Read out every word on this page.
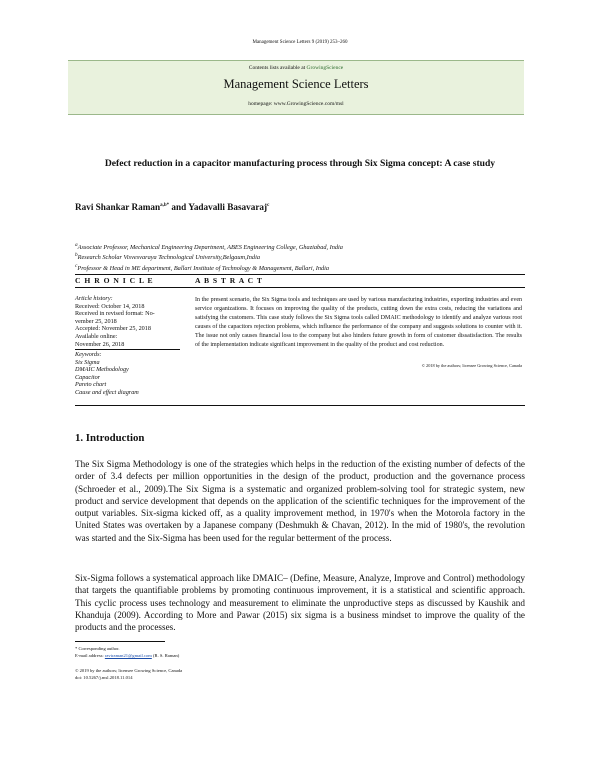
Management Science Letters 9 (2019) 253–260
Contents lists available at GrowingScience
Management Science Letters
homepage: www.GrowingScience.com/msl
Defect reduction in a capacitor manufacturing process through Six Sigma concept: A case study
Ravi Shankar Raman$^{a,b*}$ and Yadavalli Basavaraj$^c$
$^a$Associate Professor, Mechanical Engineering Department, ABES Engineering College, Ghaziabad, India
$^b$Research Scholar Visvesvaraya Technological University,Belgaum,India
$^c$Professor & Head in ME department, Ballari Institute of Technology & Management, Ballari, India
C H R O N I C L E	A B S T R A C T
Article history:
Received: October 14, 2018
Received in revised format: No-
vember 25, 2018
Accepted: November 25, 2018
Available online:
November 26, 2018
Keywords:
Six Sigma
DMAIC Methodology
Capacitor
Pareto chart
Cause and effect diagram
In the present scenario, the Six Sigma tools and techniques are used by various manufacturing industries, exporting industries and even service organizations. It focuses on improving the quality of the products, cutting down the extra costs, reducing the variations and satisfying the customers. This case study follows the Six Sigma tools called DMAIC methodology to identify and analyze various root causes of the capacitors rejection problems, which influence the performance of the company and suggests solutions to counter with it. The issue not only causes financial loss to the company but also hinders future growth in form of customer dissatisfaction. The results of the implementation indicate significant improvement in the quality of the product and cost reduction.
© 2018 by the authors; licensee Growing Science, Canada
1. Introduction
The Six Sigma Methodology is one of the strategies which helps in the reduction of the existing number of defects of the order of 3.4 defects per million opportunities in the design of the product, production and the governance process (Schroeder et al., 2009).The Six Sigma is a systematic and organized problem-solving tool for strategic system, new product and service development that depends on the application of the scientific techniques for the improvement of the output variables. Six-sigma kicked off, as a quality improvement method, in 1970's when the Motorola factory in the United States was overtaken by a Japanese company (Deshmukh & Chavan, 2012). In the mid of 1980's, the revolution was started and the Six-Sigma has been used for the regular betterment of the process.
Six-Sigma follows a systematical approach like DMAIC– (Define, Measure, Analyze, Improve and Control) methodology that targets the quantifiable problems by promoting continuous improvement, it is a statistical and scientific approach. This cyclic process uses technology and measurement to eliminate the unproductive steps as discussed by Kaushik and Khanduja (2009). According to More and Pawar (2015) six sigma is a business mindset to improve the quality of the products and the processes.
* Corresponding author.
E-mail address: raviraman21@gmail.com (R. S. Raman)
© 2019 by the authors; licensee Growing Science, Canada
doi: 10.5267/j.msl.2018.11.014
